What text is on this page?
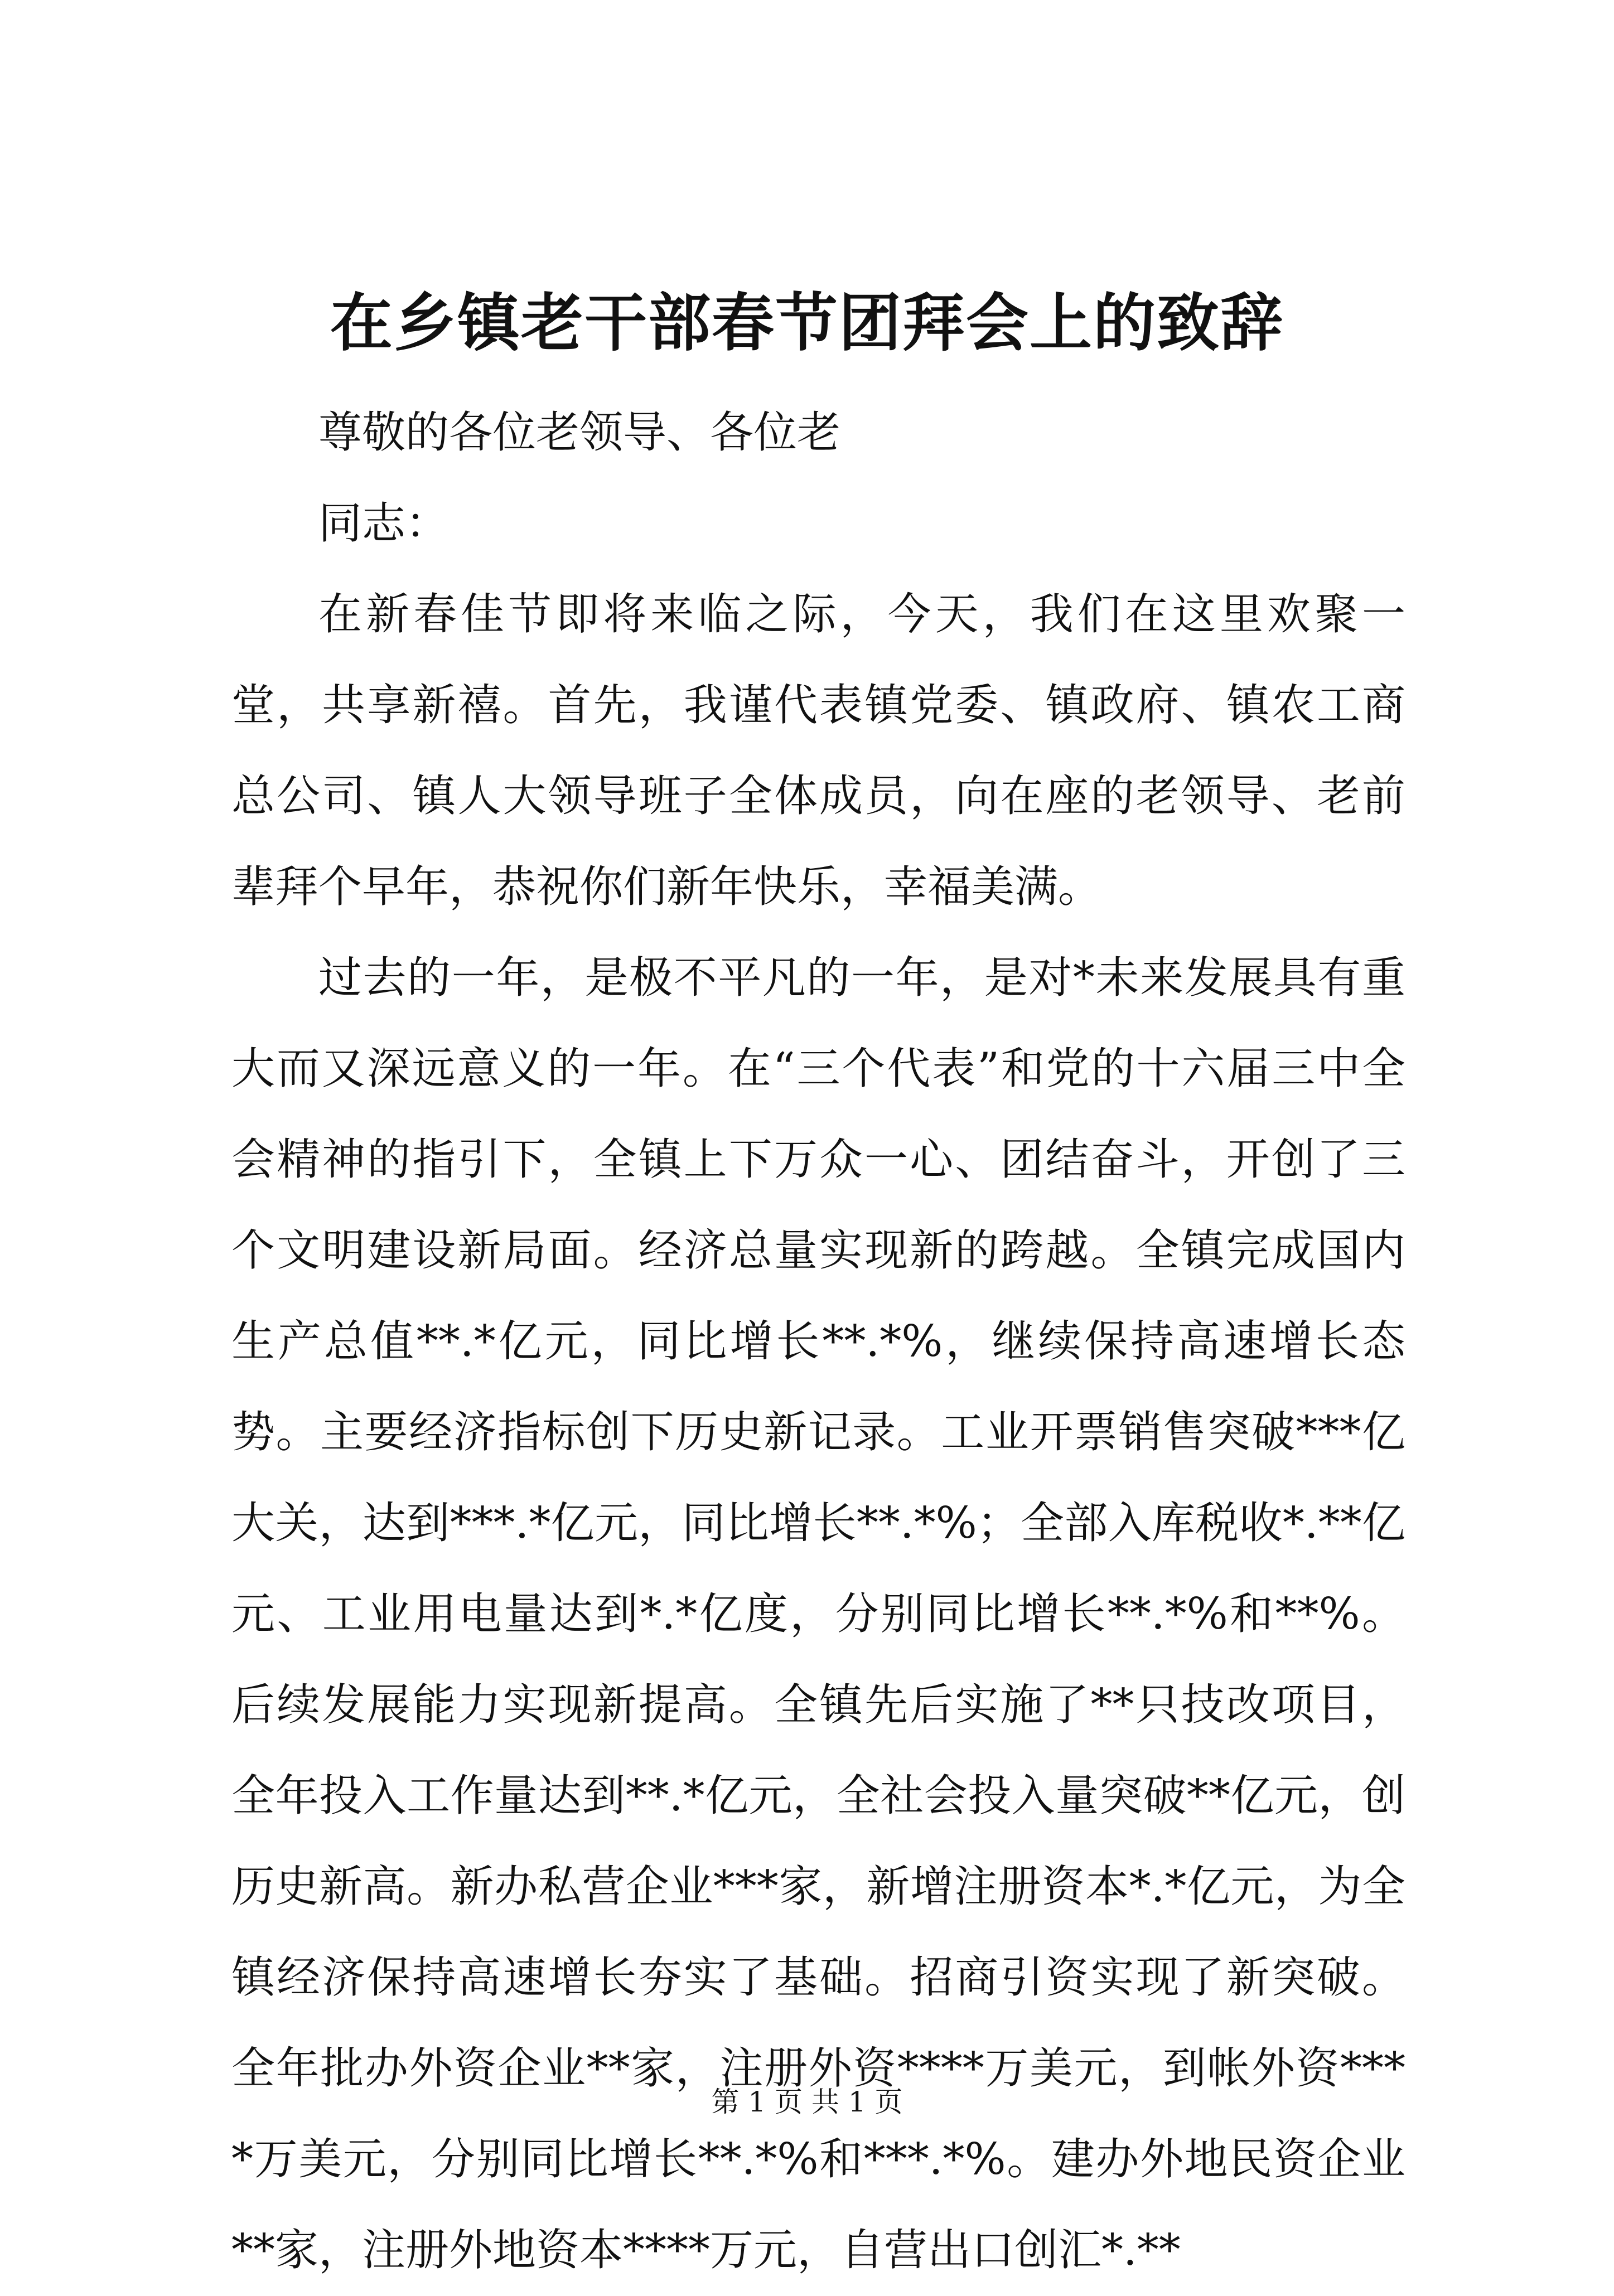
在乡镇老干部春节团拜会上的致辞

尊敬的各位老领导、各位老

同志：

在新春佳节即将来临之际，今天，我们在这里欢聚一堂，共享新禧。首先，我谨代表镇党委、镇政府、镇农工商总公司、镇人大领导班子全体成员，向在座的老领导、老前辈拜个早年，恭祝你们新年快乐，幸福美满。

过去的一年，是极不平凡的一年，是对*未来发展具有重大而又深远意义的一年。在“三个代表”和党的十六届三中全会精神的指引下，全镇上下万众一心、团结奋斗，开创了三个文明建设新局面。经济总量实现新的跨越。全镇完成国内生产总值**.*亿元，同比增长**.*%，继续保持高速增长态势。主要经济指标创下历史新记录。工业开票销售突破***亿大关，达到***.*亿元，同比增长**.*%；全部入库税收*.**亿元、工业用电量达到*.*亿度，分别同比增长**.*%和**%。后续发展能力实现新提高。全镇先后实施了**只技改项目，全年投入工作量达到**.*亿元，全社会投入量突破**亿元，创历史新高。新办私营企业***家，新增注册资本*.*亿元，为全镇经济保持高速增长夯实了基础。招商引资实现了新突破。全年批办外资企业**家，注册外资****万美元，到帐外资****万美元，分别同比增长**.*%和***.*%。建办外地民资企业**家，注册外地资本****万元，自营出口创汇*.**

第 1 页 共 1 页
